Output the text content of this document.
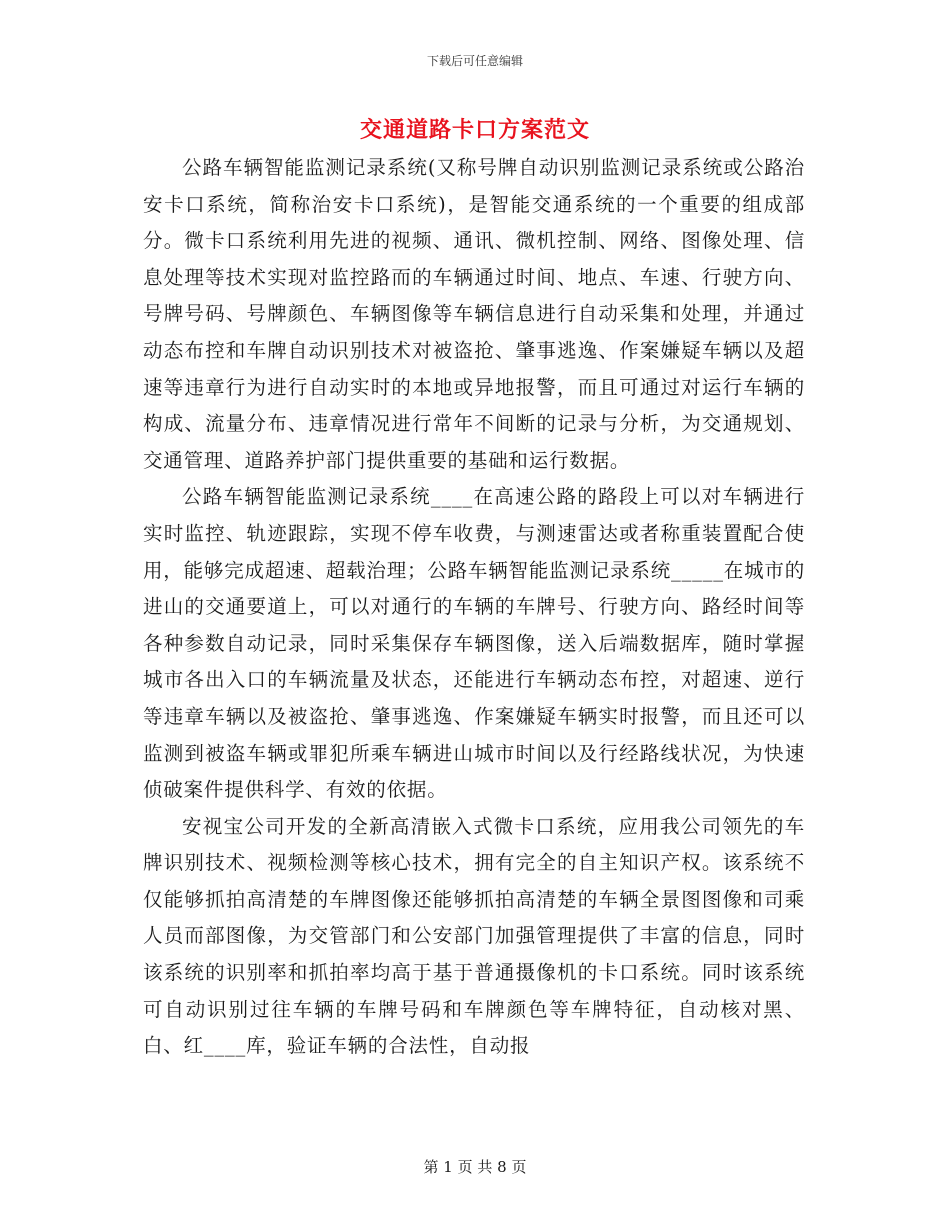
下载后可任意编辑
交通道路卡口方案范文

公路车辆智能监测记录系统(又称号牌自动识别监测记录系统或公路治安卡口系统，简称治安卡口系统)，是智能交通系统的一个重要的组成部分。微卡口系统利用先进的视频、通讯、微机控制、网络、图像处理、信息处理等技术实现对监控路而的车辆通过时间、地点、车速、行驶方向、号牌号码、号牌颜色、车辆图像等车辆信息进行自动采集和处理，并通过动态布控和车牌自动识别技术对被盗抢、肇事逃逸、作案嫌疑车辆以及超速等违章行为进行自动实时的本地或异地报警，而且可通过对运行车辆的构成、流量分布、违章情况进行常年不间断的记录与分析，为交通规划、交通管理、道路养护部门提供重要的基础和运行数据。

公路车辆智能监测记录系统____在高速公路的路段上可以对车辆进行实时监控、轨迹跟踪，实现不停车收费，与测速雷达或者称重装置配合使用，能够完成超速、超载治理；公路车辆智能监测记录系统_____在城市的进山的交通要道上，可以对通行的车辆的车牌号、行驶方向、路经时间等各种参数自动记录，同时采集保存车辆图像，送入后端数据库，随时掌握城市各出入口的车辆流量及状态，还能进行车辆动态布控，对超速、逆行等违章车辆以及被盗抢、肇事逃逸、作案嫌疑车辆实时报警，而且还可以监测到被盗车辆或罪犯所乘车辆进山城市时间以及行经路线状况，为快速侦破案件提供科学、有效的依据。

安视宝公司开发的全新高清嵌入式微卡口系统，应用我公司领先的车牌识别技术、视频检测等核心技术，拥有完全的自主知识产权。该系统不仅能够抓拍高清楚的车牌图像还能够抓拍高清楚的车辆全景图图像和司乘人员而部图像，为交管部门和公安部门加强管理提供了丰富的信息，同时该系统的识别率和抓拍率均高于基于普通摄像机的卡口系统。同时该系统可自动识别过往车辆的车牌号码和车牌颜色等车牌特征，自动核对黑、白、红____库，验证车辆的合法性，自动报

第 1 页 共 8 页
